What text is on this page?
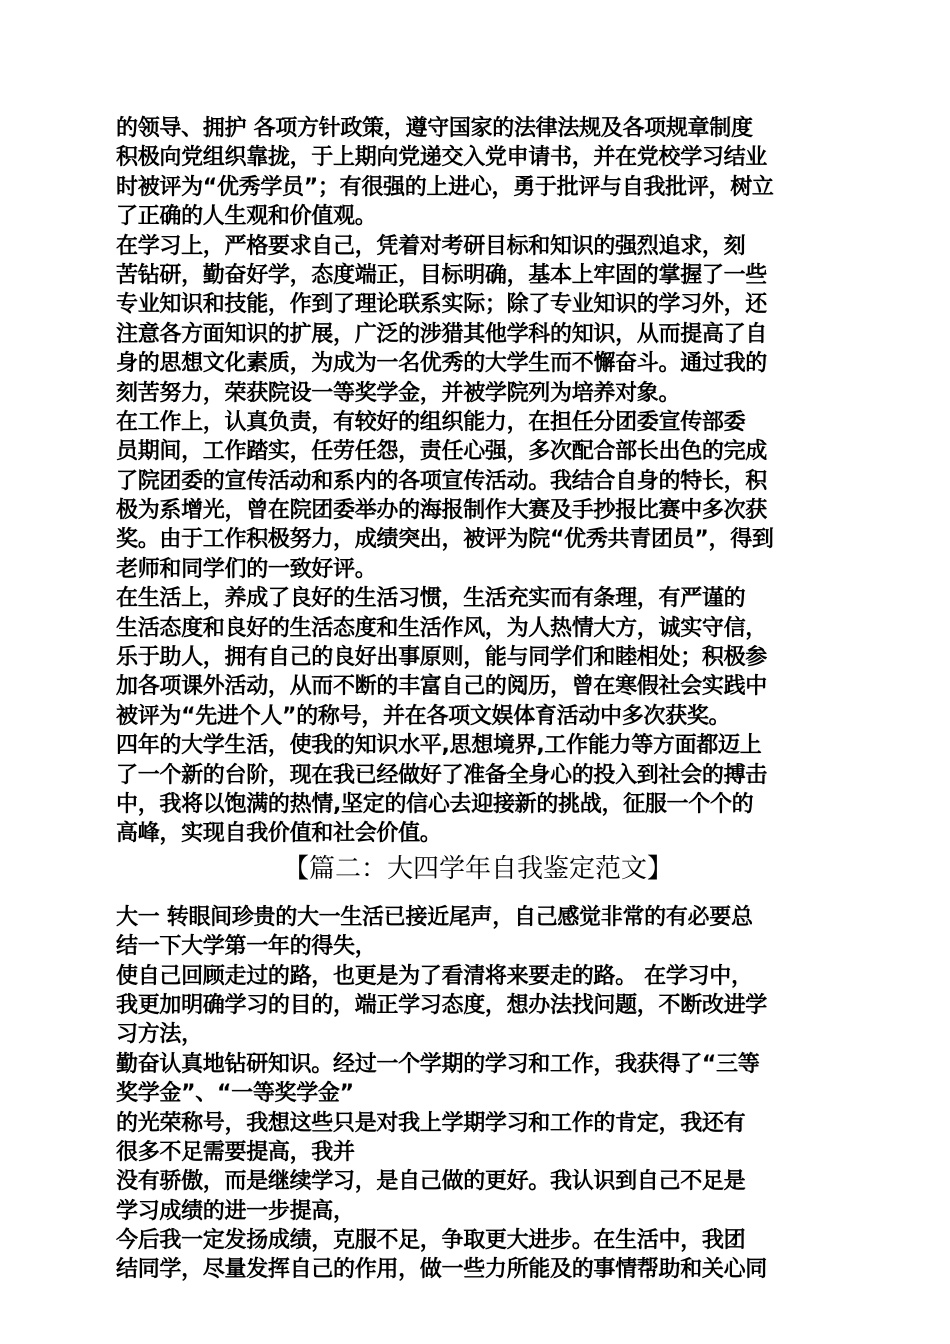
的领导、拥护 各项方针政策，遵守国家的法律法规及各项规章制度
积极向党组织靠拢，于上期向党递交入党申请书，并在党校学习结业
时被评为“优秀学员”；有很强的上进心，勇于批评与自我批评，树立
了正确的人生观和价值观。
在学习上，严格要求自己，凭着对考研目标和知识的强烈追求，刻
苦钻研，勤奋好学，态度端正，目标明确，基本上牢固的掌握了一些
专业知识和技能，作到了理论联系实际；除了专业知识的学习外，还
注意各方面知识的扩展，广泛的涉猎其他学科的知识，从而提高了自
身的思想文化素质，为成为一名优秀的大学生而不懈奋斗。通过我的
刻苦努力，荣获院设一等奖学金，并被学院列为培养对象。
在工作上，认真负责，有较好的组织能力，在担任分团委宣传部委
员期间，工作踏实，任劳任怨，责任心强，多次配合部长出色的完成
了院团委的宣传活动和系内的各项宣传活动。我结合自身的特长，积
极为系增光，曾在院团委举办的海报制作大赛及手抄报比赛中多次获
奖。由于工作积极努力，成绩突出，被评为院“优秀共青团员”，得到
老师和同学们的一致好评。
在生活上，养成了良好的生活习惯，生活充实而有条理，有严谨的
生活态度和良好的生活态度和生活作风，为人热情大方，诚实守信，
乐于助人，拥有自己的良好出事原则，能与同学们和睦相处；积极参
加各项课外活动，从而不断的丰富自己的阅历，曾在寒假社会实践中
被评为“先进个人”的称号，并在各项文娱体育活动中多次获奖。
四年的大学生活，使我的知识水平,思想境界,工作能力等方面都迈上
了一个新的台阶，现在我已经做好了准备全身心的投入到社会的搏击
中，我将以饱满的热情,坚定的信心去迎接新的挑战，征服一个个的
高峰，实现自我价值和社会价值。
【篇二：大四学年自我鉴定范文】
大一 转眼间珍贵的大一生活已接近尾声，自己感觉非常的有必要总
结一下大学第一年的得失，
使自己回顾走过的路，也更是为了看清将来要走的路。 在学习中，
我更加明确学习的目的，端正学习态度，想办法找问题，不断改进学
习方法，
勤奋认真地钻研知识。经过一个学期的学习和工作，我获得了“三等
奖学金”、“一等奖学金”
的光荣称号，我想这些只是对我上学期学习和工作的肯定，我还有
很多不足需要提高，我并
没有骄傲，而是继续学习，是自己做的更好。我认识到自己不足是
学习成绩的进一步提高，
今后我一定发扬成绩，克服不足，争取更大进步。在生活中，我团
结同学，尽量发挥自己的作用，做一些力所能及的事情帮助和关心同
